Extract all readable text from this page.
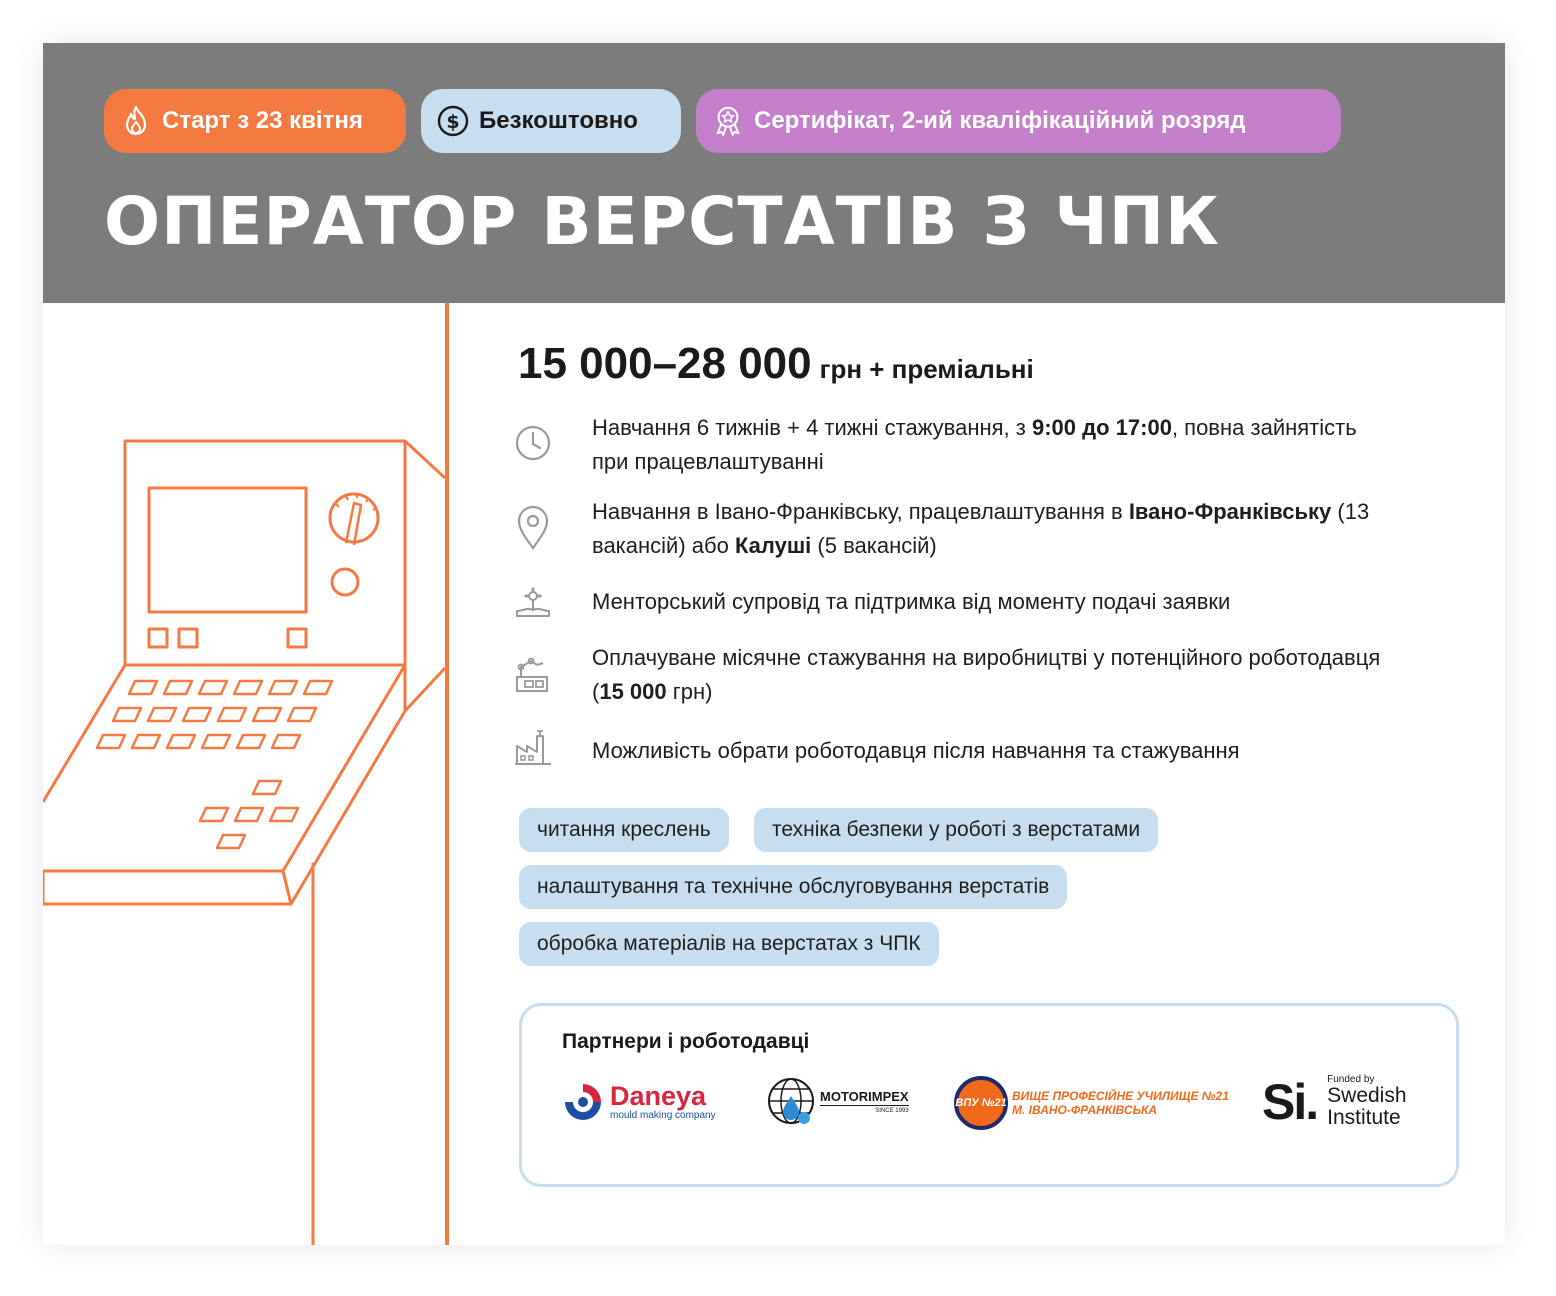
Старт з 23 квітня	$ Безкоштовно	Сертифікат, 2-ий кваліфікаційний розряд
ОПЕРАТОР ВЕРСТАТІВ З ЧПК
15 000–28 000 грн + преміальні
Навчання 6 тижнів + 4 тижні стажування, з 9:00 до 17:00, повна зайнятість при працевлаштуванні
Навчання в Івано-Франківську, працевлаштування в Івано-Франківську (13 вакансій) або Калуші (5 вакансій)
Менторський супровід та підтримка від моменту подачі заявки
Оплачуване місячне стажування на виробництві у потенційного роботодавця (15 000 грн)
Можливість обрати роботодавця після навчання та стажування
читання креслень	техніка безпеки у роботі з верстатами
налаштування та технічне обслуговування верстатів
обробка матеріалів на верстатах з ЧПК
Партнери і роботодавці
Daneya
mould making company
MOTORIMPEX
SINCE 1993
ВПУ №21 ВИЩЕ ПРОФЕСІЙНЕ УЧИЛИЩЕ №21
М. ІВАНО-ФРАНКІВСЬКА	Si. Funded by
Swedish
Institute
